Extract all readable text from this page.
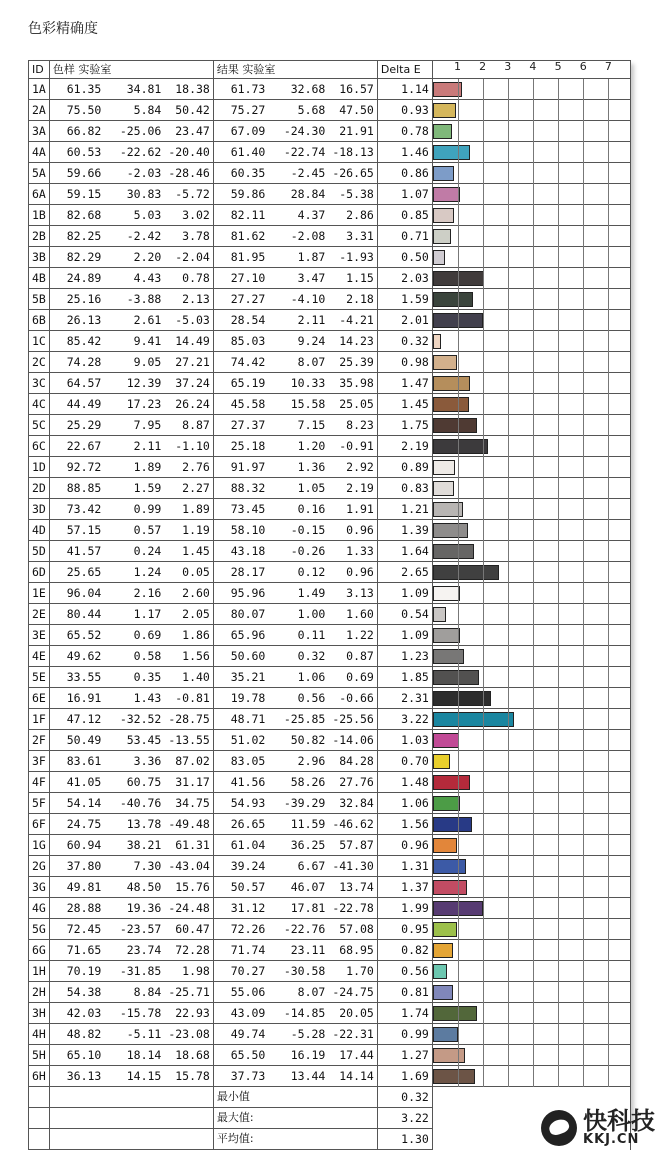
色彩精确度
ID	色样 实验室			结果 实验室			Delta E	
1A	61.35	34.81	18.38	61.73	32.68	16.57	1.14	

2A	75.50	5.84	50.42	75.27	5.68	47.50	0.93	

3A	66.82	-25.06	23.47	67.09	-24.30	21.91	0.78	

4A	60.53	-22.62	-20.40	61.40	-22.74	-18.13	1.46	

5A	59.66	-2.03	-28.46	60.35	-2.45	-26.65	0.86	

6A	59.15	30.83	-5.72	59.86	28.84	-5.38	1.07	

1B	82.68	5.03	3.02	82.11	4.37	2.86	0.85	

2B	82.25	-2.42	3.78	81.62	-2.08	3.31	0.71	

3B	82.29	2.20	-2.04	81.95	1.87	-1.93	0.50	

4B	24.89	4.43	0.78	27.10	3.47	1.15	2.03	

5B	25.16	-3.88	2.13	27.27	-4.10	2.18	1.59	

6B	26.13	2.61	-5.03	28.54	2.11	-4.21	2.01	

1C	85.42	9.41	14.49	85.03	9.24	14.23	0.32	

2C	74.28	9.05	27.21	74.42	8.07	25.39	0.98	

3C	64.57	12.39	37.24	65.19	10.33	35.98	1.47	

4C	44.49	17.23	26.24	45.58	15.58	25.05	1.45	

5C	25.29	7.95	8.87	27.37	7.15	8.23	1.75	

6C	22.67	2.11	-1.10	25.18	1.20	-0.91	2.19	

1D	92.72	1.89	2.76	91.97	1.36	2.92	0.89	

2D	88.85	1.59	2.27	88.32	1.05	2.19	0.83	

3D	73.42	0.99	1.89	73.45	0.16	1.91	1.21	

4D	57.15	0.57	1.19	58.10	-0.15	0.96	1.39	

5D	41.57	0.24	1.45	43.18	-0.26	1.33	1.64	

6D	25.65	1.24	0.05	28.17	0.12	0.96	2.65	

1E	96.04	2.16	2.60	95.96	1.49	3.13	1.09	

2E	80.44	1.17	2.05	80.07	1.00	1.60	0.54	

3E	65.52	0.69	1.86	65.96	0.11	1.22	1.09	

4E	49.62	0.58	1.56	50.60	0.32	0.87	1.23	

5E	33.55	0.35	1.40	35.21	1.06	0.69	1.85	

6E	16.91	1.43	-0.81	19.78	0.56	-0.66	2.31	

1F	47.12	-32.52	-28.75	48.71	-25.85	-25.56	3.22	

2F	50.49	53.45	-13.55	51.02	50.82	-14.06	1.03	

3F	83.61	3.36	87.02	83.05	2.96	84.28	0.70	

4F	41.05	60.75	31.17	41.56	58.26	27.76	1.48	

5F	54.14	-40.76	34.75	54.93	-39.29	32.84	1.06	

6F	24.75	13.78	-49.48	26.65	11.59	-46.62	1.56	

1G	60.94	38.21	61.31	61.04	36.25	57.87	0.96	

2G	37.80	7.30	-43.04	39.24	6.67	-41.30	1.31	

3G	49.81	48.50	15.76	50.57	46.07	13.74	1.37	

4G	28.88	19.36	-24.48	31.12	17.81	-22.78	1.99	

5G	72.45	-23.57	60.47	72.26	-22.76	57.08	0.95	

6G	71.65	23.74	72.28	71.74	23.11	68.95	0.82	

1H	70.19	-31.85	1.98	70.27	-30.58	1.70	0.56	

2H	54.38	8.84	-25.71	55.06	8.07	-24.75	0.81	

3H	42.03	-15.78	22.93	43.09	-14.85	20.05	1.74	

4H	48.82	-5.11	-23.08	49.74	-5.28	-22.31	0.99	

5H	65.10	18.14	18.68	65.50	16.19	17.44	1.27	

6H	36.13	14.15	15.78	37.73	13.44	14.14	1.69	

				最小值			0.32	
				最大值:			3.22	
				平均值:			1.30	
1 2 3 4 5 6 7
快科技
KKJ.CN
